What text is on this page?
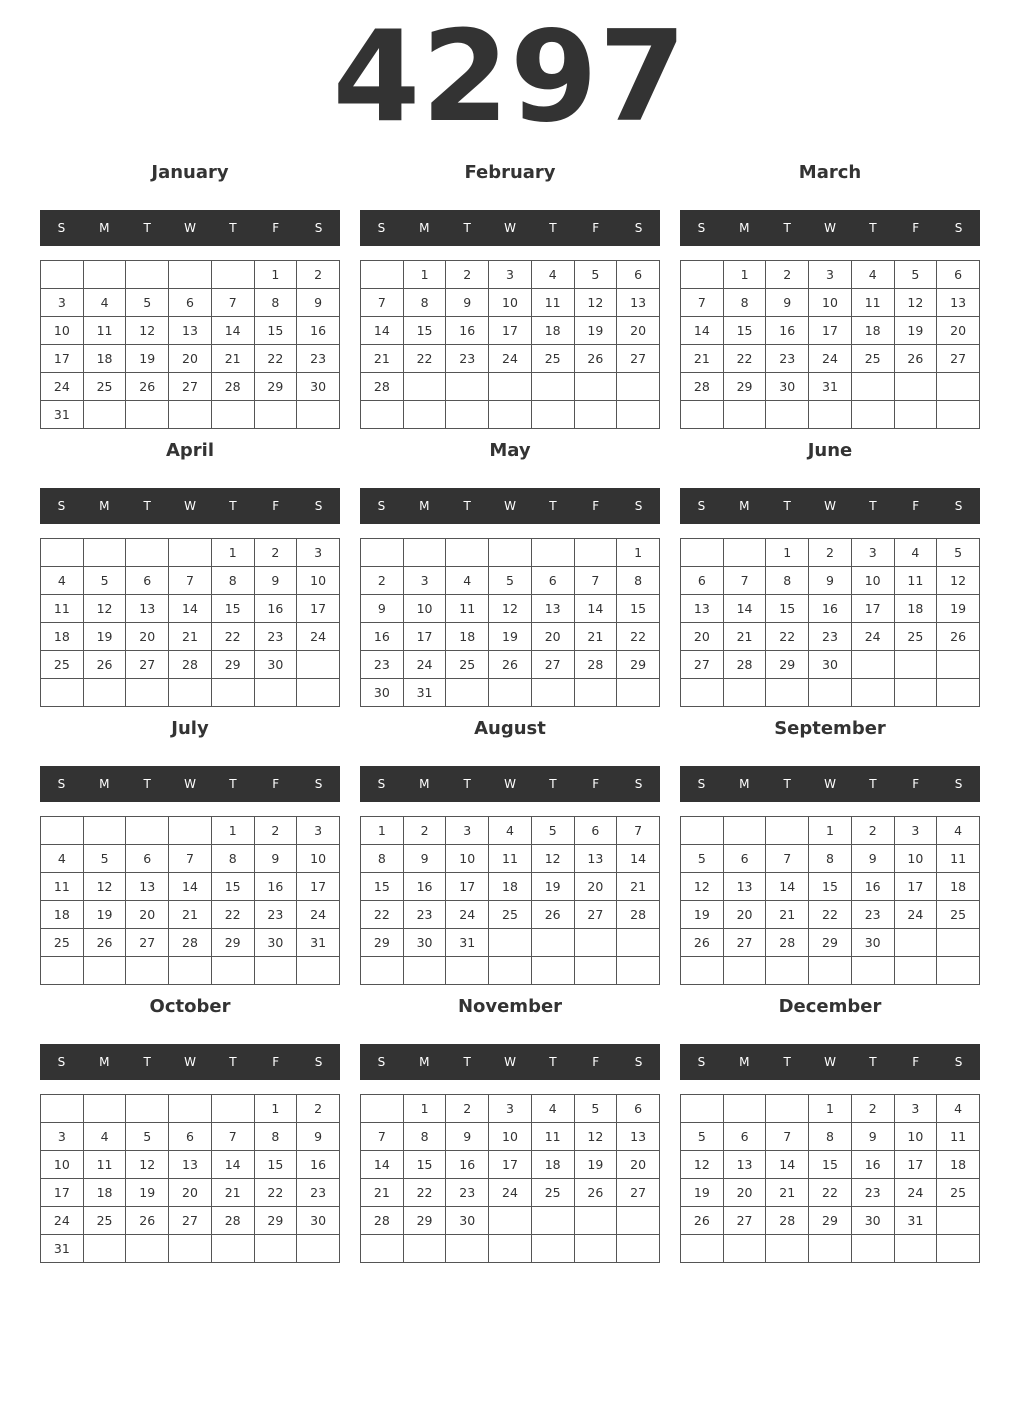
4297
January
S	M	T	W	T	F	S
					1	2
3	4	5	6	7	8	9
10	11	12	13	14	15	16
17	18	19	20	21	22	23
24	25	26	27	28	29	30
31						
February
S	M	T	W	T	F	S
	1	2	3	4	5	6
7	8	9	10	11	12	13
14	15	16	17	18	19	20
21	22	23	24	25	26	27
28						

March
S	M	T	W	T	F	S
	1	2	3	4	5	6
7	8	9	10	11	12	13
14	15	16	17	18	19	20
21	22	23	24	25	26	27
28	29	30	31			

April
S	M	T	W	T	F	S
				1	2	3
4	5	6	7	8	9	10
11	12	13	14	15	16	17
18	19	20	21	22	23	24
25	26	27	28	29	30	

May
S	M	T	W	T	F	S
						1
2	3	4	5	6	7	8
9	10	11	12	13	14	15
16	17	18	19	20	21	22
23	24	25	26	27	28	29
30	31					
June
S	M	T	W	T	F	S
		1	2	3	4	5
6	7	8	9	10	11	12
13	14	15	16	17	18	19
20	21	22	23	24	25	26
27	28	29	30			

July
S	M	T	W	T	F	S
				1	2	3
4	5	6	7	8	9	10
11	12	13	14	15	16	17
18	19	20	21	22	23	24
25	26	27	28	29	30	31

August
S	M	T	W	T	F	S
1	2	3	4	5	6	7
8	9	10	11	12	13	14
15	16	17	18	19	20	21
22	23	24	25	26	27	28
29	30	31				

September
S	M	T	W	T	F	S
			1	2	3	4
5	6	7	8	9	10	11
12	13	14	15	16	17	18
19	20	21	22	23	24	25
26	27	28	29	30		

October
S	M	T	W	T	F	S
					1	2
3	4	5	6	7	8	9
10	11	12	13	14	15	16
17	18	19	20	21	22	23
24	25	26	27	28	29	30
31						
November
S	M	T	W	T	F	S
	1	2	3	4	5	6
7	8	9	10	11	12	13
14	15	16	17	18	19	20
21	22	23	24	25	26	27
28	29	30				

December
S	M	T	W	T	F	S
			1	2	3	4
5	6	7	8	9	10	11
12	13	14	15	16	17	18
19	20	21	22	23	24	25
26	27	28	29	30	31	
